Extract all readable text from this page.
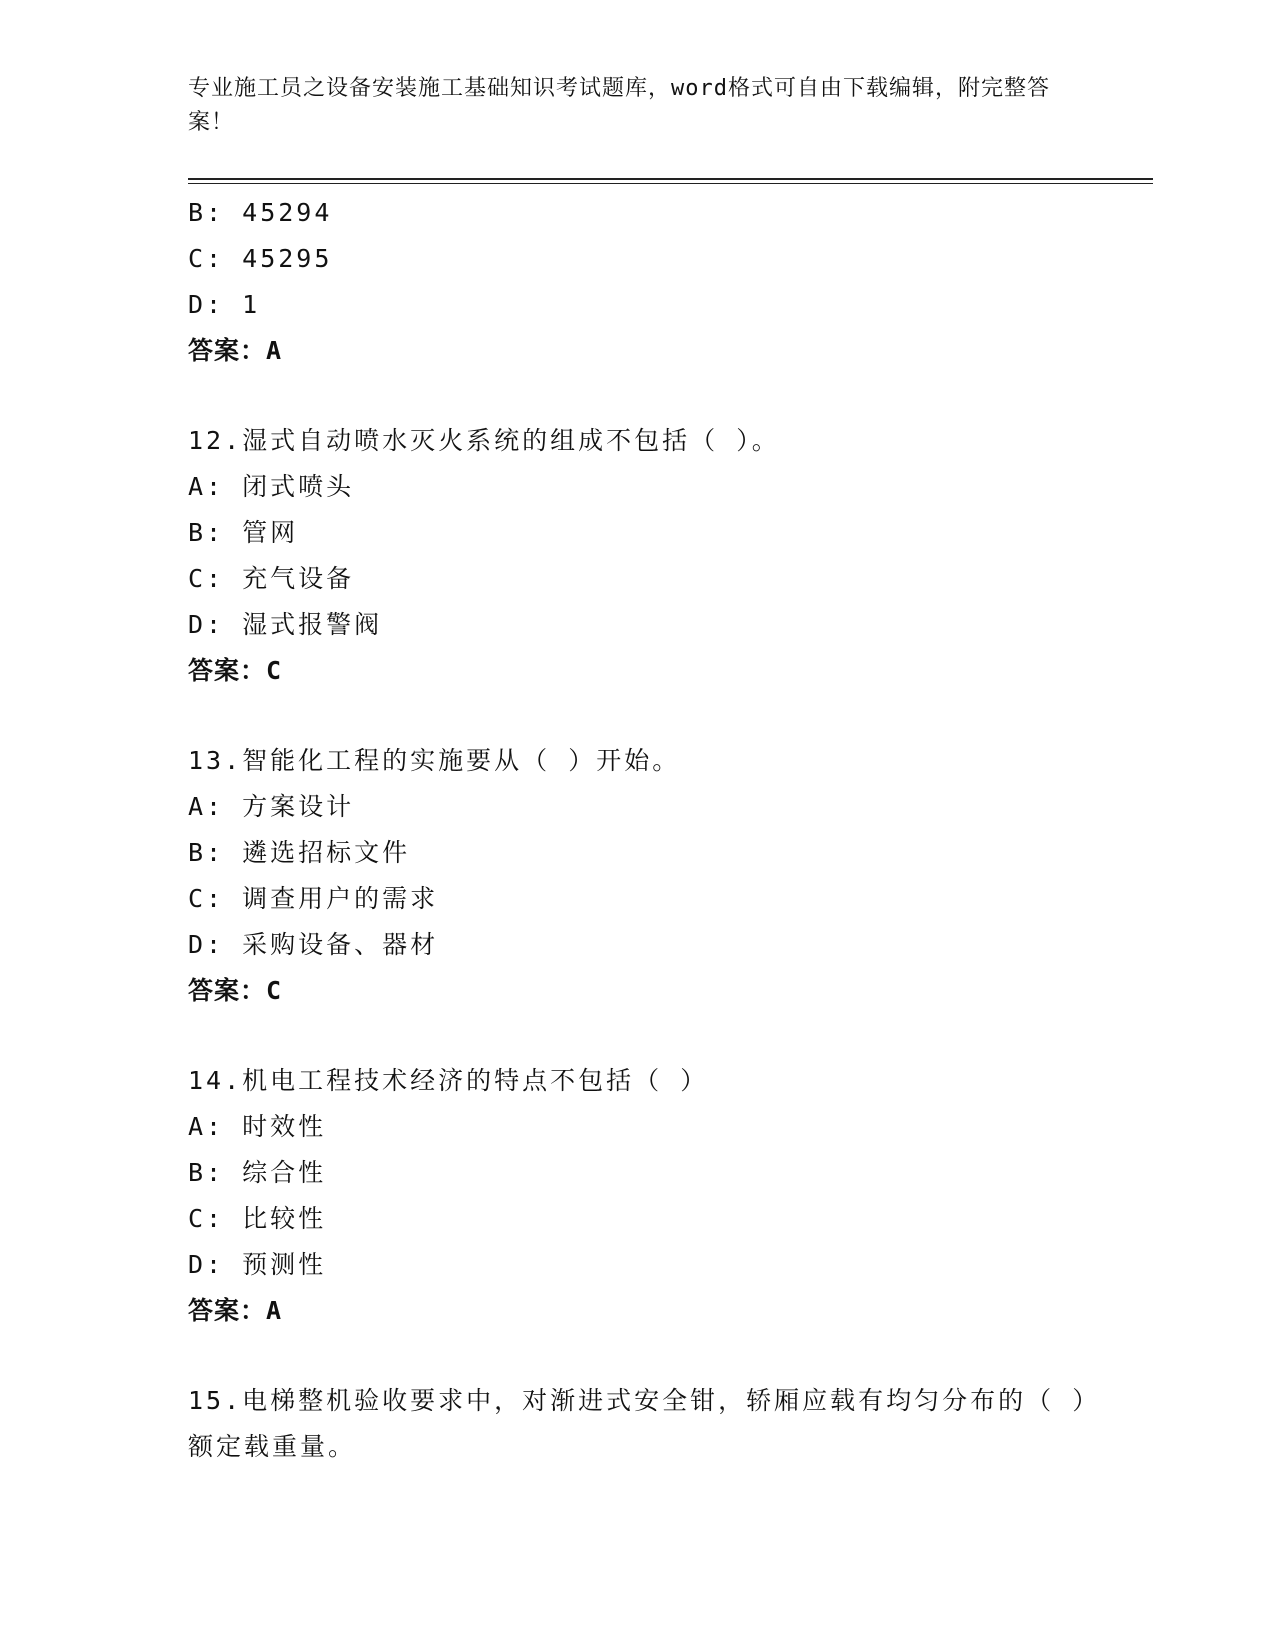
专业施工员之设备安装施工基础知识考试题库，word格式可自由下载编辑，附完整答案！
B: 45294
C: 45295
D: 1
答案：A
12.湿式自动喷水灭火系统的组成不包括（ ）。
A: 闭式喷头
B: 管网
C: 充气设备
D: 湿式报警阀
答案：C
13.智能化工程的实施要从（ ）开始。
A: 方案设计
B: 遴选招标文件
C: 调查用户的需求
D: 采购设备、器材
答案：C
14.机电工程技术经济的特点不包括（ ）
A: 时效性
B: 综合性
C: 比较性
D: 预测性
答案：A
15.电梯整机验收要求中，对渐进式安全钳，轿厢应载有均匀分布的（ ）额定载重量。
